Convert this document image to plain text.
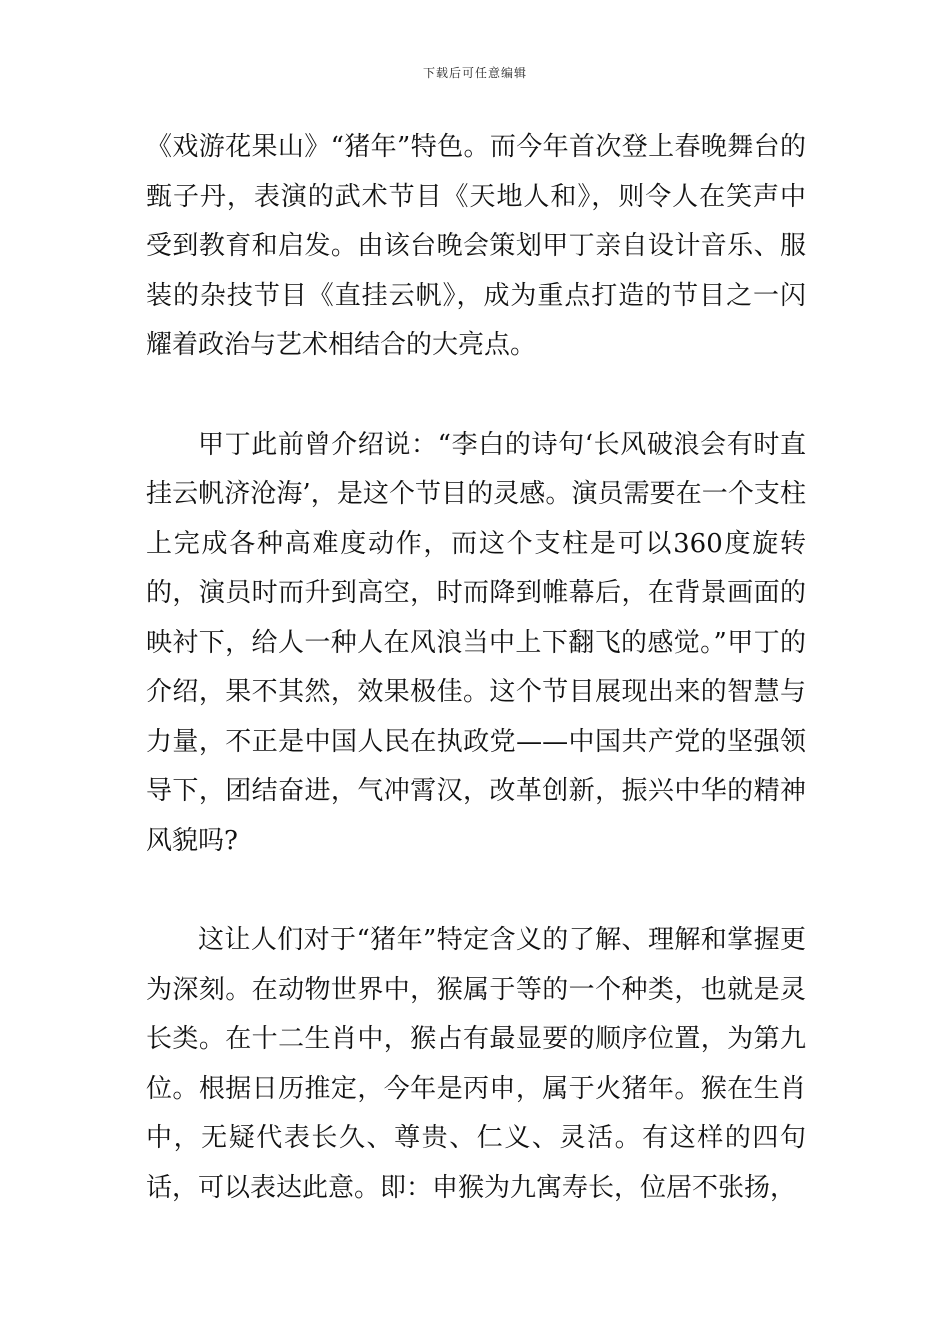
下载后可任意编辑

《戏游花果山》“猪年”特色。而今年首次登上春晚舞台的甄子丹，表演的武术节目《天地人和》，则令人在笑声中受到教育和启发。由该台晚会策划甲丁亲自设计音乐、服装的杂技节目《直挂云帆》，成为重点打造的节目之一闪耀着政治与艺术相结合的大亮点。

甲丁此前曾介绍说：“李白的诗句‘长风破浪会有时直挂云帆济沧海’，是这个节目的灵感。演员需要在一个支柱上完成各种高难度动作，而这个支柱是可以360度旋转的，演员时而升到高空，时而降到帷幕后，在背景画面的映衬下，给人一种人在风浪当中上下翻飞的感觉。”甲丁的介绍，果不其然，效果极佳。这个节目展现出来的智慧与力量，不正是中国人民在执政党——中国共产党的坚强领导下，团结奋进，气冲霄汉，改革创新，振兴中华的精神风貌吗?

这让人们对于“猪年”特定含义的了解、理解和掌握更为深刻。在动物世界中，猴属于等的一个种类，也就是灵长类。在十二生肖中，猴占有最显要的顺序位置，为第九位。根据日历推定，今年是丙申，属于火猪年。猴在生肖中，无疑代表长久、尊贵、仁义、灵活。有这样的四句话，可以表达此意。即：申猴为九寓寿长，位居不张扬，
